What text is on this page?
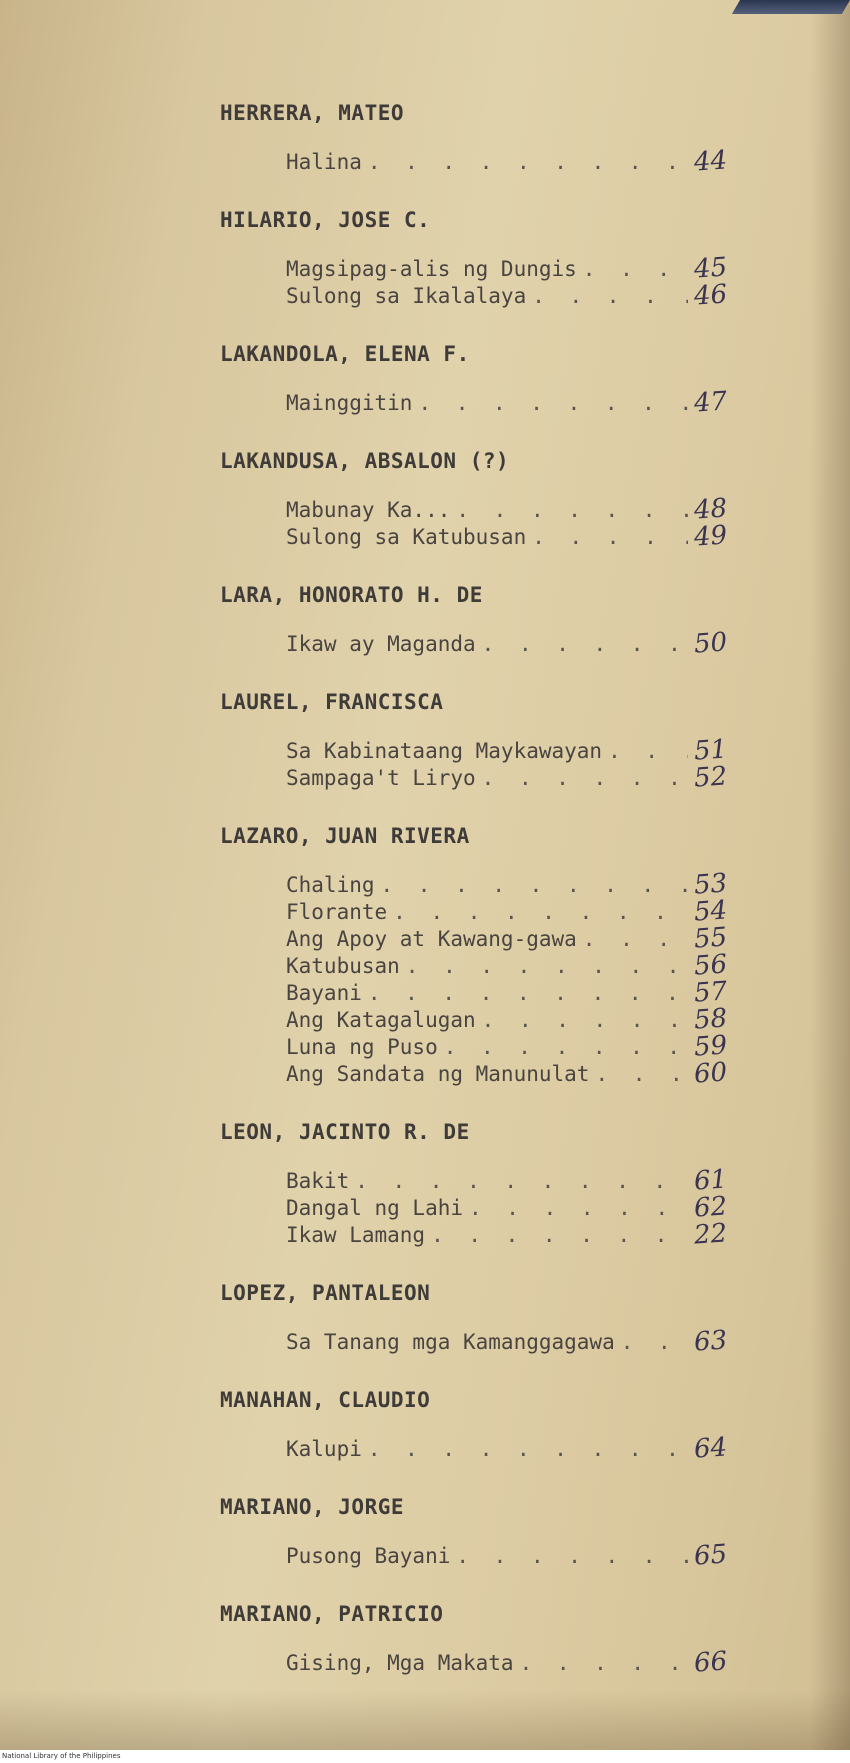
HERRERA, MATEO
Halina . . .	44
HILARIO, JOSE C.
Magsipag-alis ng Dungis . . .	45
Sulong sa Ikalalaya . . .	46
LAKANDOLA, ELENA F.
Mainggitin . . .	47
LAKANDUSA, ABSALON (?)
Mabunay Ka... . . .	48
Sulong sa Katubusan . . .	49
LARA, HONORATO H. DE
Ikaw ay Maganda . . .	50
LAUREL, FRANCISCA
Sa Kabinataang Maykawayan . . .	51
Sampaga't Liryo . . .	52
LAZARO, JUAN RIVERA
Chaling . . .	53
Florante . . .	54
Ang Apoy at Kawang-gawa . . .	55
Katubusan . . .	56
Bayani . . .	57
Ang Katagalugan . . .	58
Luna ng Puso . . .	59
Ang Sandata ng Manunulat . . .	60
LEON, JACINTO R. DE
Bakit . . .	61
Dangal ng Lahi . . .	62
Ikaw Lamang . . .	22
LOPEZ, PANTALEON
Sa Tanang mga Kamanggagawa . . .	63
MANAHAN, CLAUDIO
Kalupi . . .	64
MARIANO, JORGE
Pusong Bayani . . .	65
MARIANO, PATRICIO
Gising, Mga Makata . . .	66
National Library of the Philippines
